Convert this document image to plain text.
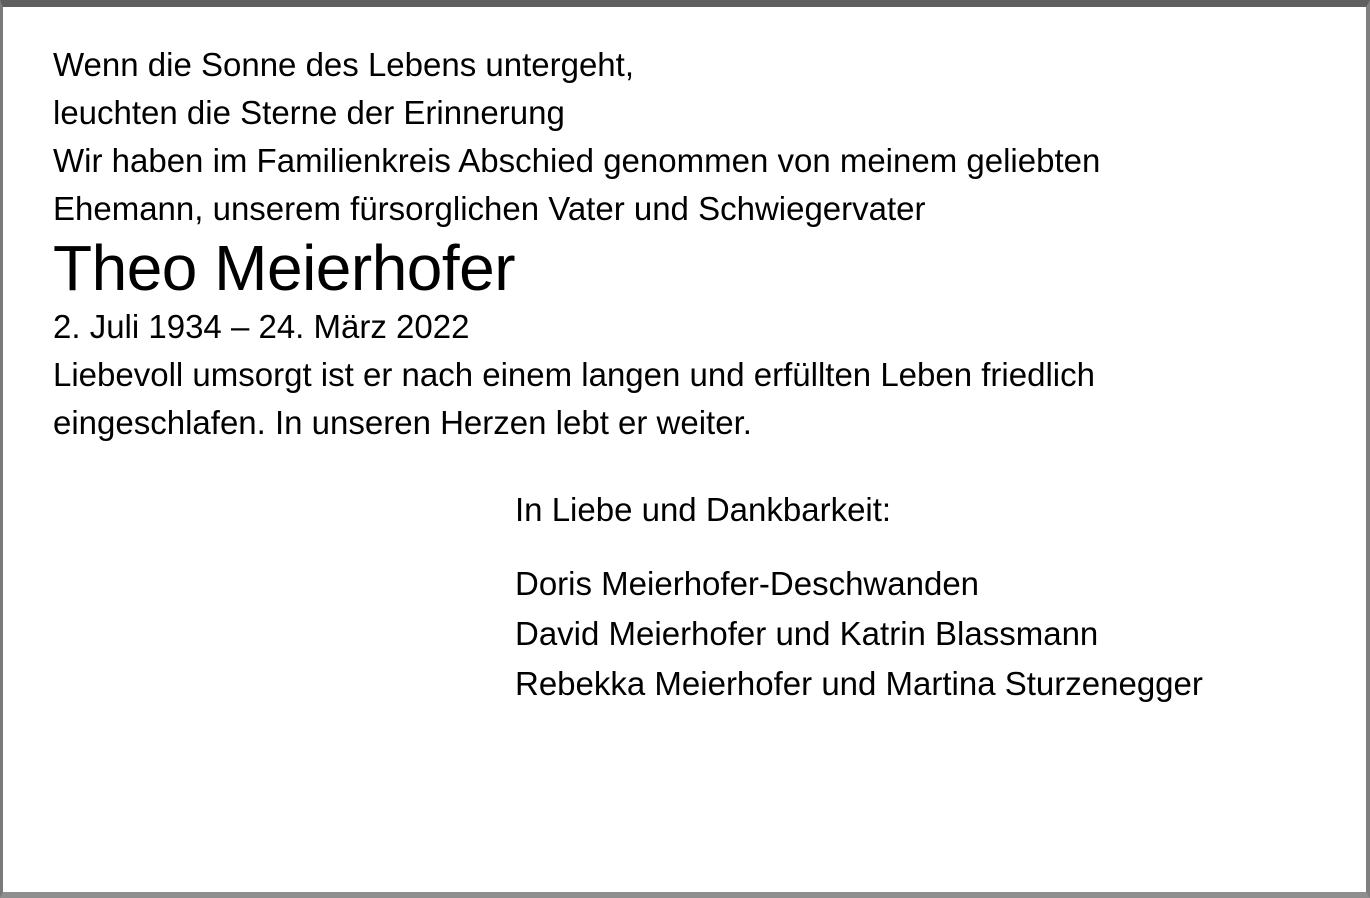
Wenn die Sonne des Lebens untergeht,
leuchten die Sterne der Erinnerung

Wir haben im Familienkreis Abschied genommen von meinem geliebten
Ehemann, unserem fürsorglichen Vater und Schwiegervater

Theo Meierhofer

2. Juli 1934 – 24. März 2022

Liebevoll umsorgt ist er nach einem langen und erfüllten Leben friedlich
eingeschlafen. In unseren Herzen lebt er weiter.

In Liebe und Dankbarkeit:

Doris Meierhofer-Deschwanden

David Meierhofer und Katrin Blassmann

Rebekka Meierhofer und Martina Sturzenegger
